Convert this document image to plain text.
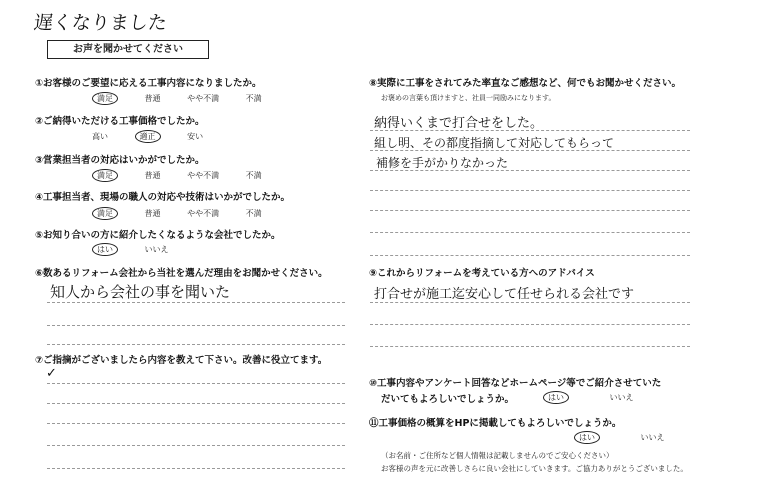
遅くなりました
お声を聞かせてください
①お客様のご要望に応える工事内容になりましたか。
満足	普通	やや不満	不満
②ご納得いただける工事価格でしたか。
高い	適正	安い
③営業担当者の対応はいかがでしたか。
満足	普通	やや不満	不満
④工事担当者、現場の職人の対応や技術はいかがでしたか。
満足	普通	やや不満	不満
⑤お知り合いの方に紹介したくなるような会社でしたか。
はい	いいえ
⑥数あるリフォーム会社から当社を選んだ理由をお聞かせください。
知人から会社の事を聞いた
⑦ご指摘がございましたら内容を教えて下さい。改善に役立てます。
✓
⑧実際に工事をされてみた率直なご感想など、何でもお聞かせください。
お褒めの言葉も頂けますと、社員一同励みになります。
納得いくまで打合せをした。
組し明、その都度指摘して対応してもらって
補修を手がかりなかった
⑨これからリフォームを考えている方へのアドバイス
打合せが施工迄安心して任せられる会社です
⑩工事内容やアンケート回答などホームページ等でご紹介させていた
だいてもよろしいでしょうか。	はい	いいえ
⑪工事価格の概算をHPに掲載してもよろしいでしょうか。
はい	いいえ
（お名前・ご住所など個人情報は記載しませんのでご安心ください）
お客様の声を元に改善しさらに良い会社にしていきます。ご協力ありがとうございました。
